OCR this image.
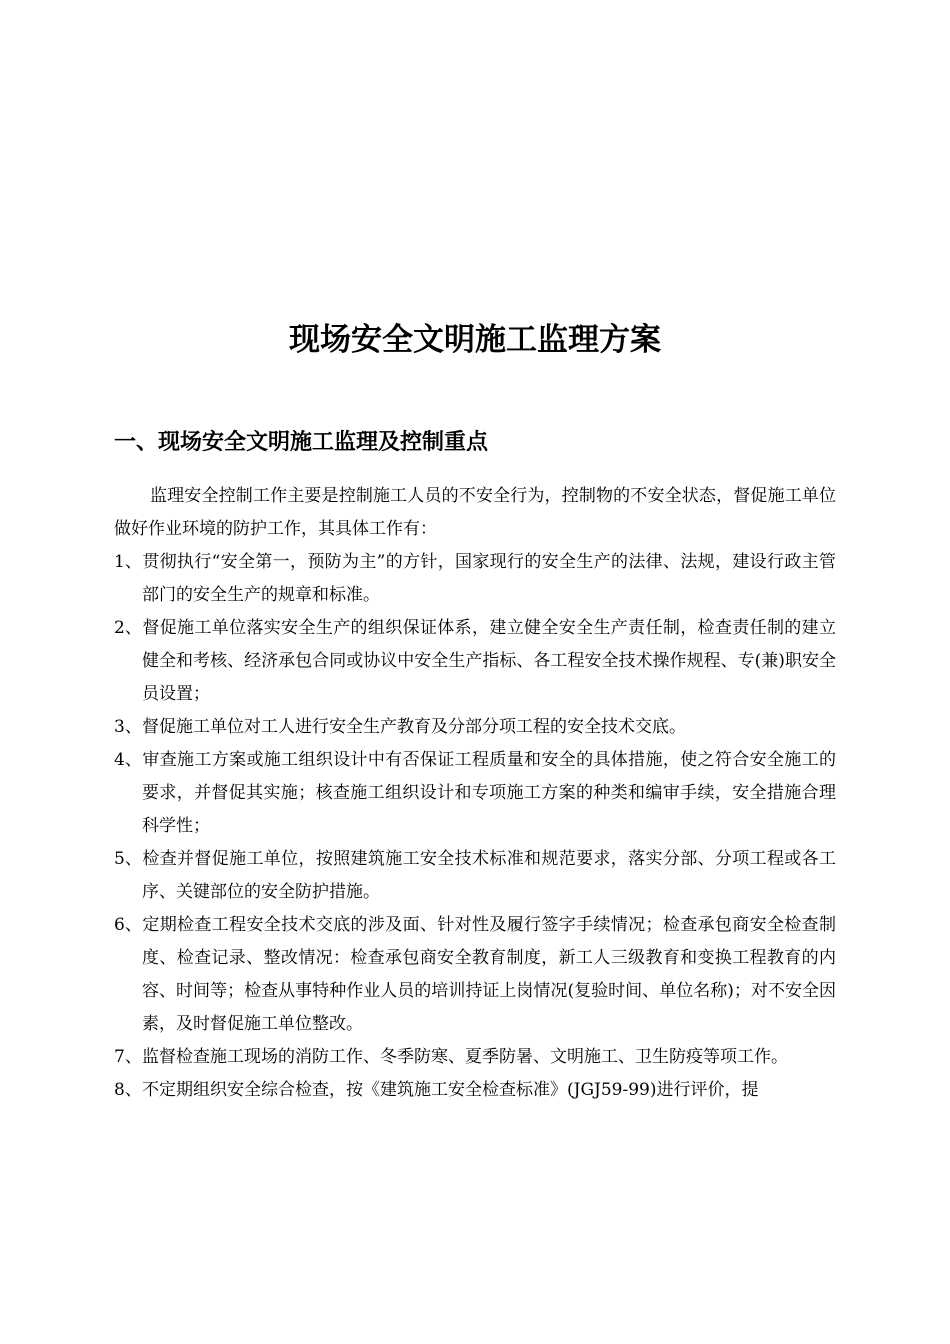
现场安全文明施工监理方案
一、现场安全文明施工监理及控制重点

监理安全控制工作主要是控制施工人员的不安全行为，控制物的不安全状态，督促施工单位做好作业环境的防护工作，其具体工作有：

1、贯彻执行“安全第一，预防为主”的方针，国家现行的安全生产的法律、法规，建设行政主管部门的安全生产的规章和标准。

2、督促施工单位落实安全生产的组织保证体系，建立健全安全生产责任制，检查责任制的建立健全和考核、经济承包合同或协议中安全生产指标、各工程安全技术操作规程、专(兼)职安全员设置；

3、督促施工单位对工人进行安全生产教育及分部分项工程的安全技术交底。

4、审查施工方案或施工组织设计中有否保证工程质量和安全的具体措施，使之符合安全施工的要求，并督促其实施；核查施工组织设计和专项施工方案的种类和编审手续，安全措施合理科学性；

5、检查并督促施工单位，按照建筑施工安全技术标准和规范要求，落实分部、分项工程或各工序、关键部位的安全防护措施。

6、定期检查工程安全技术交底的涉及面、针对性及履行签字手续情况；检查承包商安全检查制度、检查记录、整改情况：检查承包商安全教育制度，新工人三级教育和变换工程教育的内容、时间等；检查从事特种作业人员的培训持证上岗情况(复验时间、单位名称)；对不安全因素，及时督促施工单位整改。

7、监督检查施工现场的消防工作、冬季防寒、夏季防暑、文明施工、卫生防疫等项工作。

8、不定期组织安全综合检查，按《建筑施工安全检查标准》(JGJ59-99)进行评价，提
